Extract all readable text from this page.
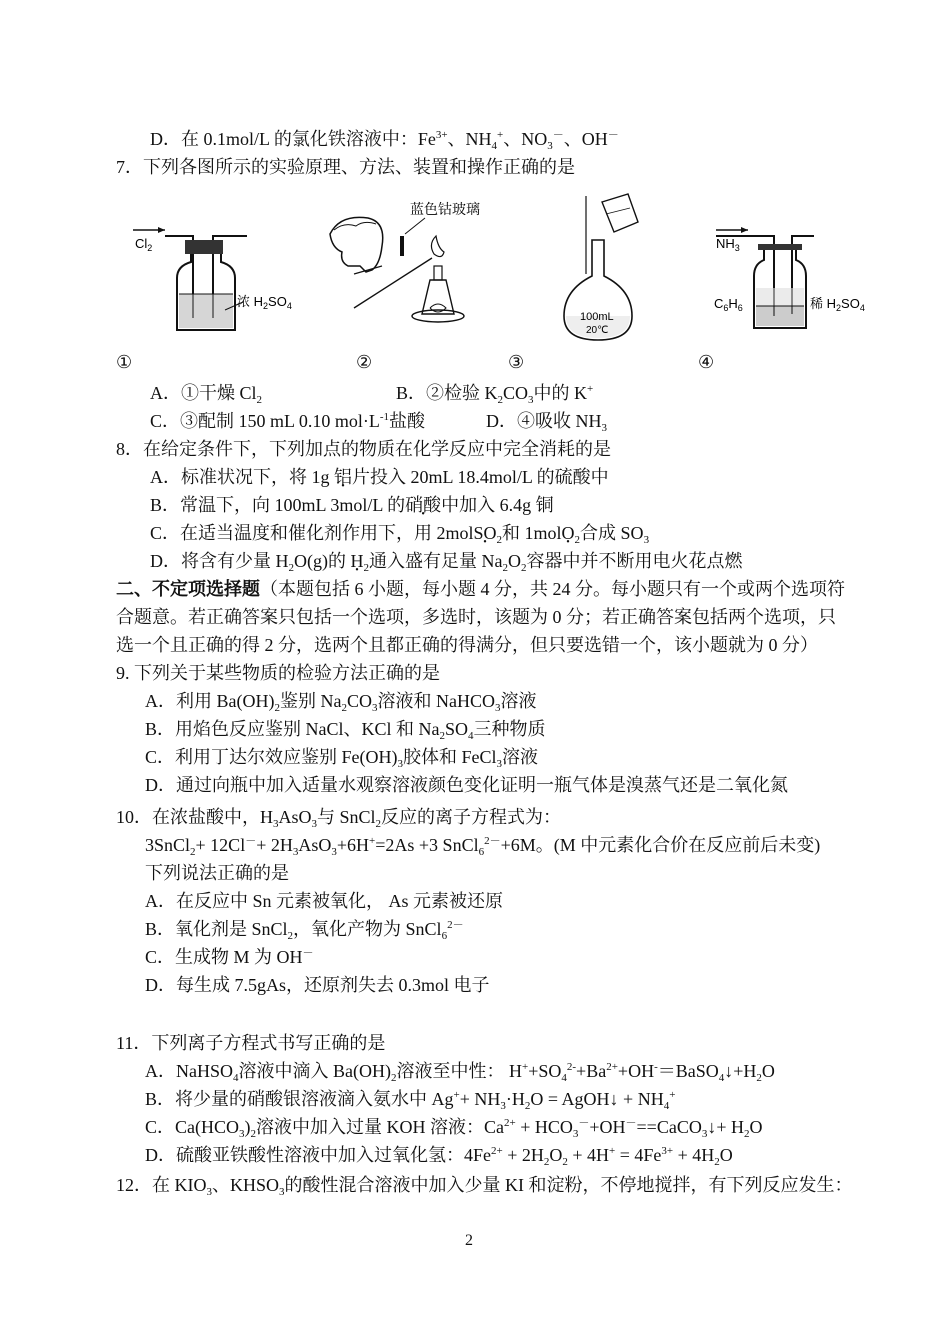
D．在 0.1mol/L 的氯化铁溶液中：$Fe^{3+}$、$NH_4^+$、$NO_3^-$、OH－
7．下列各图所示的实验原理、方法、装置和操作正确的是
$Cl_2$
浓 $H_2SO_4$
蓝色钴玻璃
100mL
20℃
$NH_3$
$C_6H_6$	稀 $H_2SO_4$
①	②	③	④
A．①干燥 $Cl_2$	B．②检验 $K_2CO_3$中的 K+
C．③配制 150 mL 0.10 $mol\cdot L^{-1}$盐酸	D．④吸收 $NH_3$
8．在给定条件下，下列加点的物质在化学反应中完全消耗的是
A．标准状况下，将 1g 铝片投入 20mL 18.4mol/L 的硫酸中
B．常温下，向 100mL 3mol/L 的硝酸中加入 6.4g 铜
C．在适当温度和催化剂作用下，用 2molSO $•_2$和 1molO $•_2$合成 $SO_3$
D．将含有少量 $H_2O(g)$的 H $•_2$通入盛有足量 $Na_2O_2$容器中并不断用电火花点燃
二、不定项选择题（本题包括 6 小题，每小题 4 分，共 24 分。每小题只有一个或两个选项符
合题意。若正确答案只包括一个选项，多选时，该题为 0 分；若正确答案包括两个选项，只
选一个且正确的得 2 分，选两个且都正确的得满分，但只要选错一个，该小题就为 0 分）
9. 下列关于某些物质的检验方法正确的是
A．利用 $Ba(OH)_2$鉴别 $Na_2CO_3$溶液和 NaHCO$_3$溶液
B．用焰色反应鉴别 NaCl、KCl 和 $Na_2SO_4$三种物质
C．利用丁达尔效应鉴别 $Fe(OH)_3$胶体和 FeCl$_3$溶液
D．通过向瓶中加入适量水观察溶液颜色变化证明一瓶气体是溴蒸气还是二氧化氮
10．在浓盐酸中，$H_3AsO_3$与 SnCl$_2$反应的离子方程式为：
3SnCl$_2$+ $12Cl^-+ 2H_3AsO_3+6H^+=2As +3$ SnCl$_6^{2-}$+6M。(M 中元素化合价在反应前后未变)
下列说法正确的是
A．在反应中 Sn 元素被氧化， As 元素被还原
B．氧化剂是 SnCl$_2$，氧化产物为 SnCl$_6^{2-}$
C．生成物 M 为 OH－
D．每生成 7.5gAs，还原剂失去 0.3mol 电子
11．下列离子方程式书写正确的是
A．NaHSO$_4$溶液中滴入 $Ba(OH)_2$溶液至中性： $H^++SO_4^{2-}+Ba^{2+}+OH^-=BaSO_4↓+H_2O$
B．将少量的硝酸银溶液滴入氨水中 $Ag^++ NH_3\cdot H_2O$ = AgOH↓ + $NH_4^+$
C．$Ca(HCO_3)_2$溶液中加入过量 KOH 溶液：$Ca^{2+}$ + $HCO_3^-+OH^-==CaCO_3↓+ H_2O$
D．硫酸亚铁酸性溶液中加入过氧化氢：$4Fe^{2+} + 2H_2O_2 + 4H^+ = 4Fe^{3+} + 4H_2O$
12．在 $KIO_3$、$KHSO_3$的酸性混合溶液中加入少量 KI 和淀粉，不停地搅拌，有下列反应发生：
2
